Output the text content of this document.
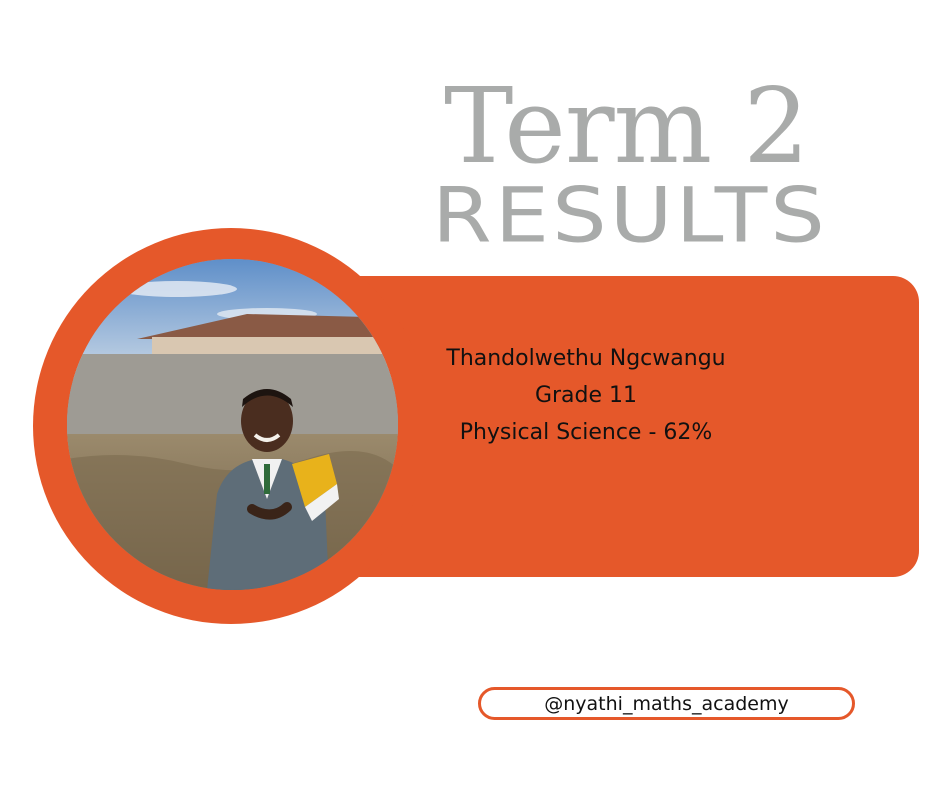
Term 2
RESULTS
Thandolwethu Ngcwangu
Grade 11
Physical Science - 62%
@nyathi_maths_academy
